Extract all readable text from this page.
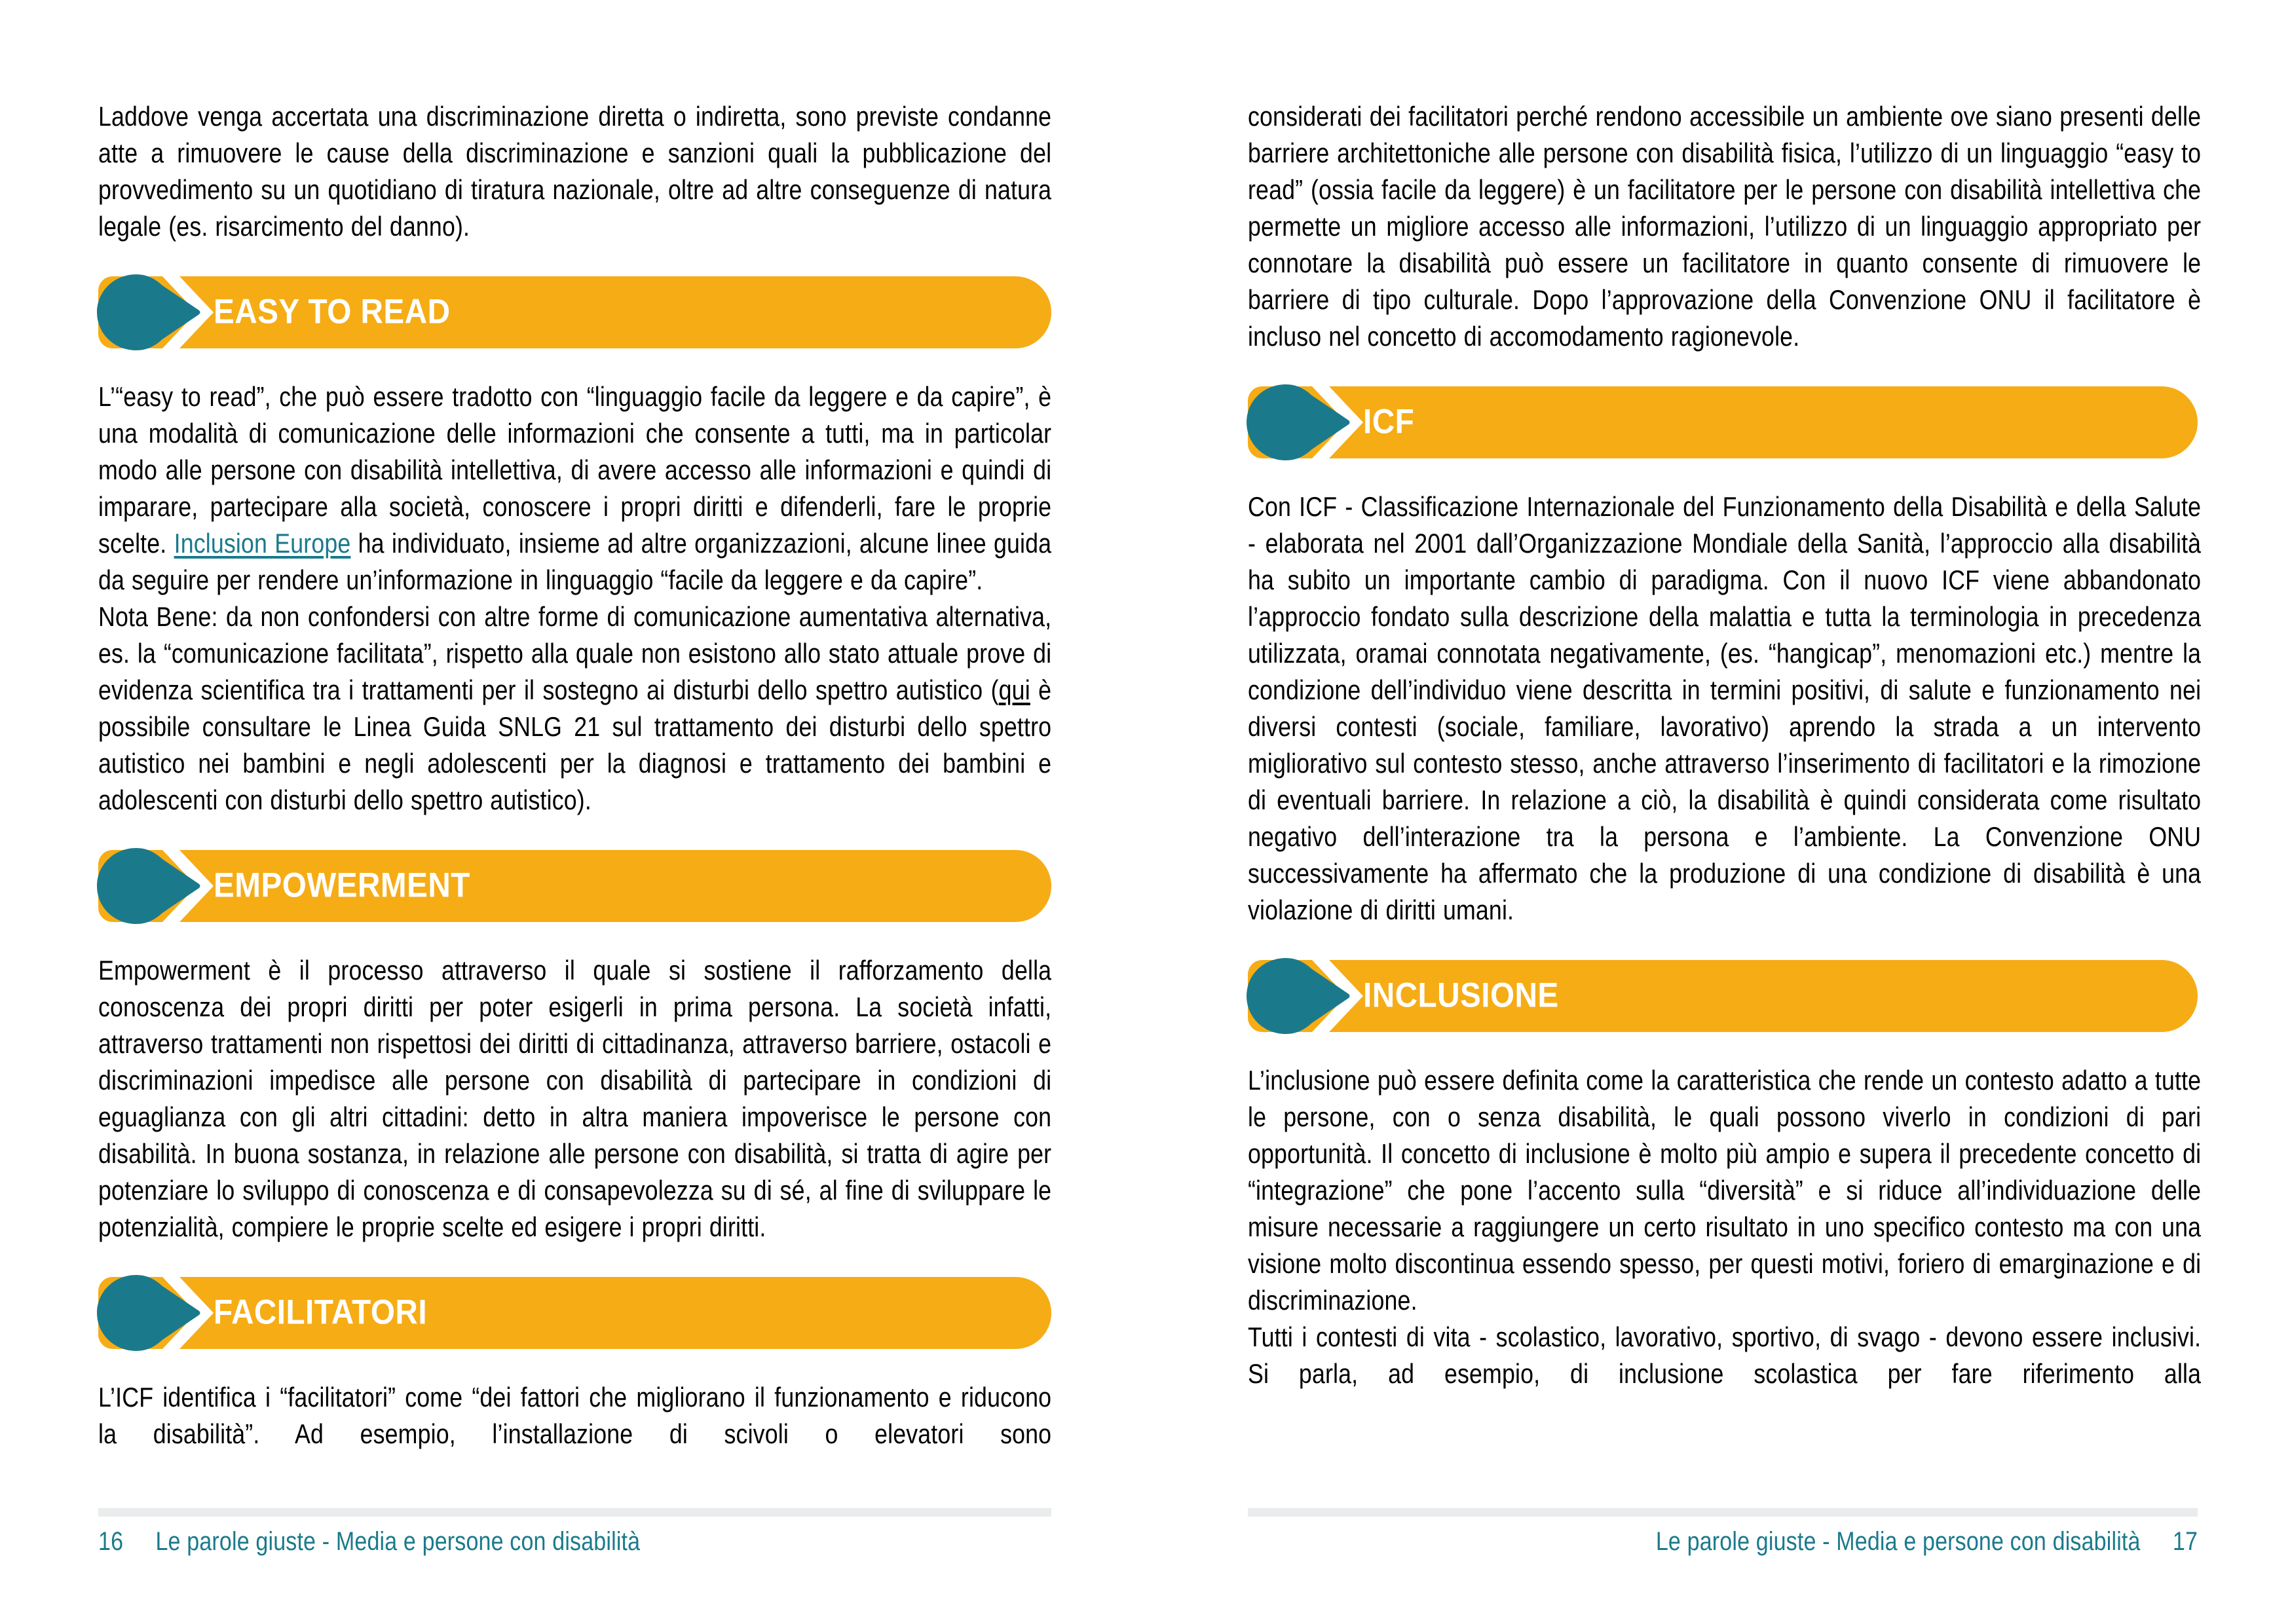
Laddove venga accertata una discriminazione diretta o indiretta, sono previste condanne atte a rimuovere le cause della discriminazione e sanzioni quali la pubblicazione del provvedimento su un quotidiano di tiratura nazionale, oltre ad altre conseguenze di natura legale (es. risarcimento del danno).

EASY TO READ

L’“easy to read”, che può essere tradotto con “linguaggio facile da leggere e da capire”, è una modalità di comunicazione delle informazioni che consente a tutti, ma in particolar modo alle persone con disabilità intellettiva, di avere accesso alle informazioni e quindi di imparare, partecipare alla società, conoscere i propri diritti e difenderli, fare le proprie scelte. Inclusion Europe ha individuato, insieme ad altre organizzazioni, alcune linee guida da seguire per rendere un’informazione in linguaggio “facile da leggere e da capire”.

Nota Bene: da non confondersi con altre forme di comunicazione aumentativa alternativa, es. la “comunicazione facilitata”, rispetto alla quale non esistono allo stato attuale prove di evidenza scientifica tra i trattamenti per il sostegno ai disturbi dello spettro autistico (qui è possibile consultare le Linea Guida SNLG 21 sul trattamento dei disturbi dello spettro autistico nei bambini e negli adolescenti per la diagnosi e trattamento dei bambini e adolescenti con disturbi dello spettro autistico).

EMPOWERMENT

Empowerment è il processo attraverso il quale si sostiene il rafforzamento della conoscenza dei propri diritti per poter esigerli in prima persona. La società infatti, attraverso trattamenti non rispettosi dei diritti di cittadinanza, attraverso barriere, ostacoli e discriminazioni impedisce alle persone con disabilità di partecipare in condizioni di eguaglianza con gli altri cittadini: detto in altra maniera impoverisce le persone con disabilità. In buona sostanza, in relazione alle persone con disabilità, si tratta di agire per potenziare lo sviluppo di conoscenza e di consapevolezza su di sé, al fine di sviluppare le potenzialità, compiere le proprie scelte ed esigere i propri diritti.

FACILITATORI

L’ICF identifica i “facilitatori” come “dei fattori che migliorano il funzionamento e riducono la disabilità”. Ad esempio, l’installazione di scivoli o elevatori sono

considerati dei facilitatori perché rendono accessibile un ambiente ove siano presenti delle barriere architettoniche alle persone con disabilità fisica, l’utilizzo di un linguaggio “easy to read” (ossia facile da leggere) è un facilitatore per le persone con disabilità intellettiva che permette un migliore accesso alle informazioni, l’utilizzo di un linguaggio appropriato per connotare la disabilità può essere un facilitatore in quanto consente di rimuovere le barriere di tipo culturale. Dopo l’approvazione della Convenzione ONU il facilitatore è incluso nel concetto di accomodamento ragionevole.

ICF

Con ICF - Classificazione Internazionale del Funzionamento della Disabilità e della Salute - elaborata nel 2001 dall’Organizzazione Mondiale della Sanità, l’approccio alla disabilità ha subito un importante cambio di paradigma. Con il nuovo ICF viene abbandonato l’approccio fondato sulla descrizione della malattia e tutta la terminologia in precedenza utilizzata, oramai connotata negativamente, (es. “hangicap”, menomazioni etc.) mentre la condizione dell’individuo viene descritta in termini positivi, di salute e funzionamento nei diversi contesti (sociale, familiare, lavorativo) aprendo la strada a un intervento migliorativo sul contesto stesso, anche attraverso l’inserimento di facilitatori e la rimozione di eventuali barriere. In relazione a ciò, la disabilità è quindi considerata come risultato negativo dell’interazione tra la persona e l’ambiente. La Convenzione ONU successivamente ha affermato che la produzione di una condizione di disabilità è una violazione di diritti umani.

INCLUSIONE

L’inclusione può essere definita come la caratteristica che rende un contesto adatto a tutte le persone, con o senza disabilità, le quali possono viverlo in condizioni di pari opportunità. Il concetto di inclusione è molto più ampio e supera il precedente concetto di “integrazione” che pone l’accento sulla “diversità” e si riduce all’individuazione delle misure necessarie a raggiungere un certo risultato in uno specifico contesto ma con una visione molto discontinua essendo spesso, per questi motivi, foriero di emarginazione e di discriminazione.

Tutti i contesti di vita - scolastico, lavorativo, sportivo, di svago - devono essere inclusivi. Si parla, ad esempio, di inclusione scolastica per fare riferimento alla

16 Le parole giuste - Media e persone con disabilità	Le parole giuste - Media e persone con disabilità 17
